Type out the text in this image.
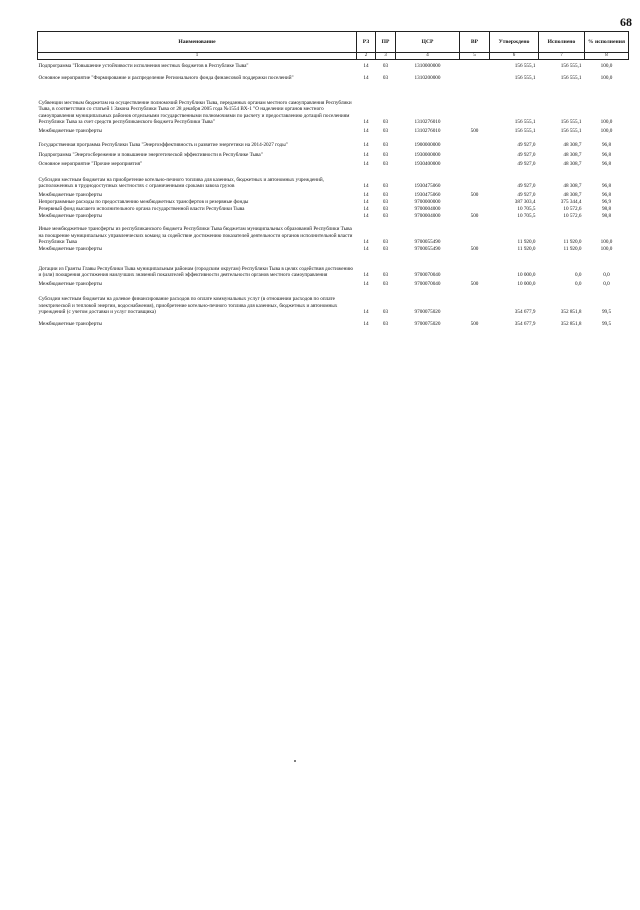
68
Наименование	РЗ	ПР	ЦСР	ВР	Утверждено	Исполнено	% исполнения
1	2	3	4	5	6	7	8
Подпрограмма "Повышение устойчивости исполнения местных бюджетов в Республике Тыва"	14	03	1310000000		156 555,1	156 555,1	100,0
Основное мероприятие "Формирование и распределение Регионального фонда финансовой поддержки поселений"	14	03	1310200000		156 555,1	156 555,1	100,0
Субвенции местным бюджетам на осуществление полномочий Республики Тыва, переданных органам местного самоуправления Республики Тыва, в соответствии со статьей 1 Закона Республики Тыва от 28 декабря 2005 года №1554 ВХ-1 "О наделении органов местного самоуправления муниципальных районов отдельными государственными полномочиями по расчету и предоставлению дотаций поселениям Республики Тыва за счет средств республиканского бюджета Республики Тыва"	14	03	1310276010		156 555,1	156 555,1	100,0
Межбюджетные трансферты	14	03	1310276010	500	156 555,1	156 555,1	100,0
Государственная программа Республики Тыва "Энергоэффективность и развитие энергетики на 2014-2027 годы"	14	03	1900000000		49 927,0	48 308,7	96,8
Подпрограмма "Энергосбережение и повышение энергетической эффективности в Республике Тыва"	14	03	1930000000		49 927,0	48 308,7	96,8
Основное мероприятие "Прочие мероприятия"	14	03	1930400000		49 927,0	48 308,7	96,8
Субсидии местным бюджетам на приобретение котельно-печного топлива для казенных, бюджетных и автономных учреждений, расположенных в труднодоступных местностях с ограниченными сроками завоза грузов	14	03	1930475060		49 927,0	48 308,7	96,8
Межбюджетные трансферты	14	03	1930475060	500	49 927,0	48 308,7	96,8
Непрограммные расходы по предоставлению межбюджетных трансфертов и резервные фонды	14	03	9700000000		387 303,4	375 344,4	96,9
Резервный фонд высшего исполнительного органа государственной власти Республики Тыва	14	03	9700004000		10 705,5	10 572,6	98,8
Межбюджетные трансферты	14	03	9700004000	500	10 705,5	10 572,6	98,8
Иные межбюджетные трансферты из республиканского бюджета Республики Тыва бюджетам муниципальных образований Республики Тыва на поощрение муниципальных управленческих команд за содействие достижению показателей деятельности органов исполнительной власти Республики Тыва	14	03	9700055490		11 920,0	11 920,0	100,0
Межбюджетные трансферты	14	03	9700055490	500	11 920,0	11 920,0	100,0
Дотации из Гранты Главы Республики Тыва муниципальным районам (городским округам) Республики Тыва в целях содействия достижению и (или) поощрения достижения наилучших значений показателей эффективности деятельности органов местного самоуправления	14	03	9700070040		10 000,0	0,0	0,0
Межбюджетные трансферты	14	03	9700070040	500	10 000,0	0,0	0,0
Субсидии местным бюджетам на долевое финансирование расходов по оплате коммунальных услуг (в отношении расходов по оплате электрической и тепловой энергии, водоснабжения), приобретение котельно-печного топлива для казенных, бюджетных и автономных учреждений (с учетом доставки и услуг поставщика)	14	03	9700075020		354 677,9	352 851,8	99,5
Межбюджетные трансферты	14	03	9700075020	500	354 677,9	352 851,8	99,5
